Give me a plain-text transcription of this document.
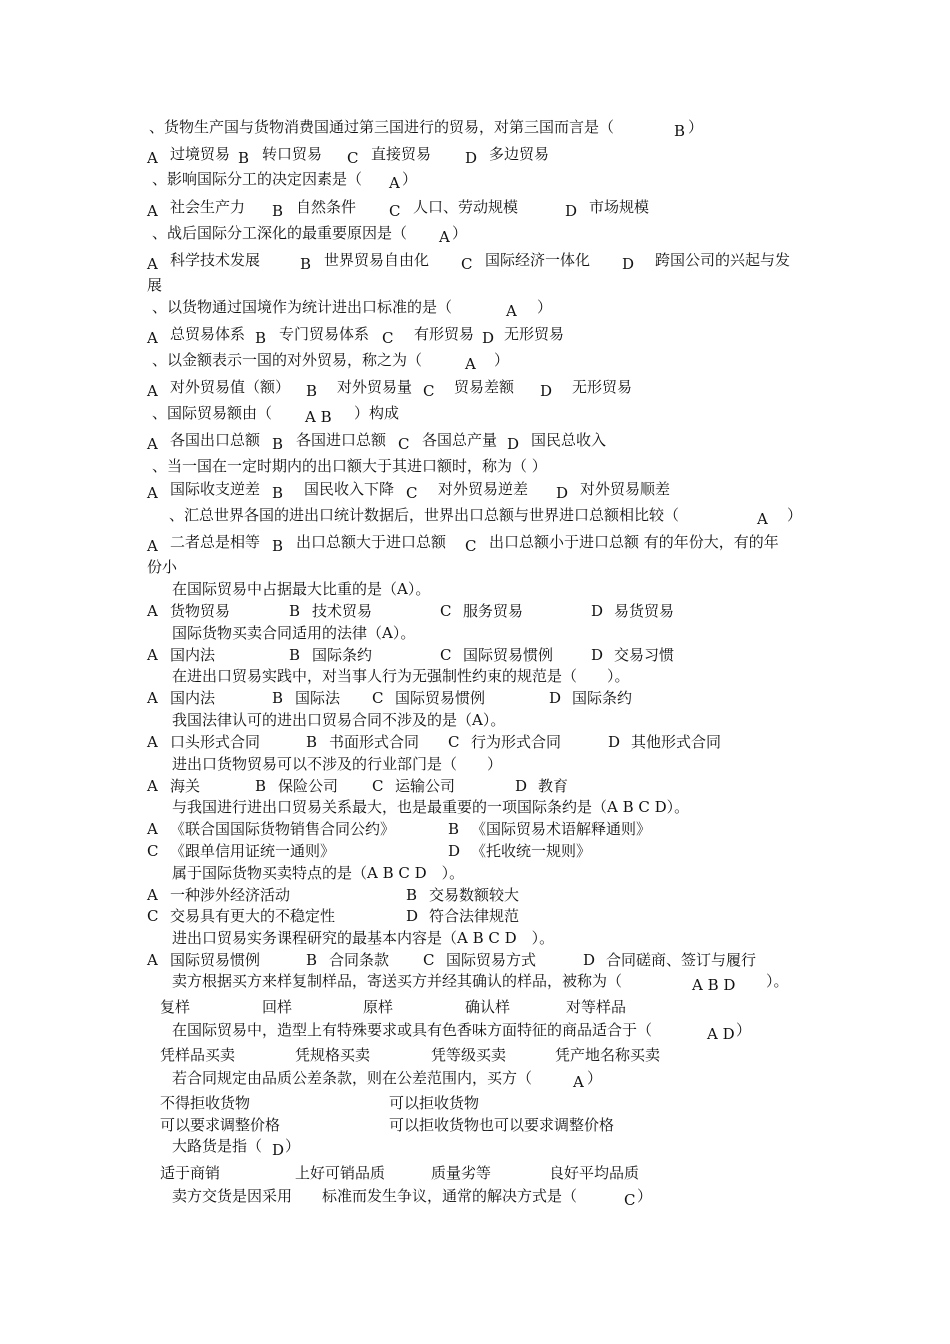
、货物生产国与货物消费国通过第三国进行的贸易，对第三国而言是（	B ）
A 过境贸易 B 转口贸易 C 直接贸易 D 多边贸易
、影响国际分工的决定因素是（ A ）
A 社会生产力 B 自然条件 C 人口、劳动规模	D 市场规模
、战后国际分工深化的最重要原因是（ A ）
A 科学技术发展	B 世界贸易自由化 C 国际经济一体化 D 跨国公司的兴起与发
展
、以货物通过国境作为统计进出口标准的是（	A ）
A 总贸易体系 B 专门贸易体系 C 有形贸易 D 无形贸易
、以金额表示一国的对外贸易，称之为（	A ）
A 对外贸易值（额） B 对外贸易量 C 贸易差额 D 无形贸易
、国际贸易额由（ A B ）构成
A 各国出口总额 B 各国进口总额 C 各国总产量 D 国民总收入
、当一国在一定时期内的出口额大于其进口额时，称为（ ）
A 国际收支逆差 B 国民收入下降 C 对外贸易逆差 D 对外贸易顺差
、汇总世界各国的进出口统计数据后，世界出口总额与世界进口总额相比较（	A ）
A 二者总是相等 B 出口总额大于进口总额 C 出口总额小于进口总额 有的年份大，有的年
份小
在国际贸易中占据最大比重的是（A）。
A 货物贸易	B 技术贸易	C 服务贸易	D 易货贸易
国际货物买卖合同适用的法律（A）。
A 国内法	B 国际条约	C 国际贸易惯例	D 交易习惯
在进出口贸易实践中，对当事人行为无强制性约束的规范是（　　）。
A 国内法	B 国际法 C 国际贸易惯例	D 国际条约
我国法律认可的进出口贸易合同不涉及的是（A）。
A 口头形式合同	B 书面形式合同 C 行为形式合同	D 其他形式合同
进出口货物贸易可以不涉及的行业部门是（　　）
A 海关	B 保险公司 C 运输公司	D 教育
与我国进行进出口贸易关系最大，也是最重要的一项国际条约是（A B C D）。
A 《联合国国际货物销售合同公约》	B 《国际贸易术语解释通则》
C 《跟单信用证统一通则》	D 《托收统一规则》
属于国际货物买卖特点的是（A B C D　）。
A 一种涉外经济活动	B 交易数额较大
C 交易具有更大的不稳定性	D 符合法律规范
进出口贸易实务课程研究的最基本内容是（A B C D　）。
A 国际贸易惯例	B 合同条款 C 国际贸易方式	D 合同磋商、签订与履行
卖方根据买方来样复制样品，寄送买方并经其确认的样品，被称为（	A B D ）。
复样	回样	原样	确认样	对等样品
在国际贸易中，造型上有特殊要求或具有色香味方面特征的商品适合于（	A D ）
凭样品买卖	凭规格买卖	凭等级买卖	凭产地名称买卖
若合同规定由品质公差条款，则在公差范围内，买方（	A ）
不得拒收货物	可以拒收货物
可以要求调整价格	可以拒收货物也可以要求调整价格
大路货是指（ D ）
适于商销	上好可销品质	质量劣等	良好平均品质
卖方交货是因采用　　标准而发生争议，通常的解决方式是（	C ）
